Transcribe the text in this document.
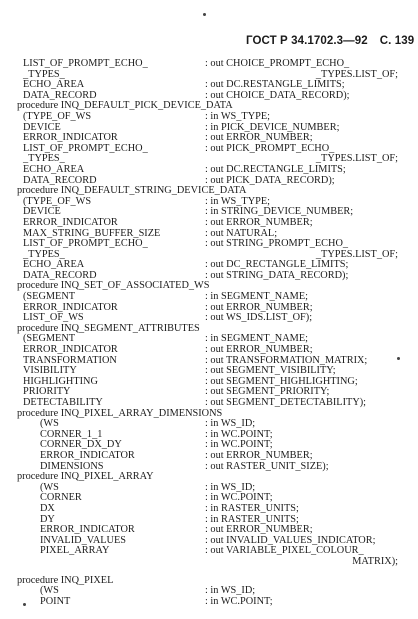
ГОСТ Р 34.1702.3—92 С. 139
LIST_OF_PROMPT_ECHO_	: out CHOICE_PROMPT_ECHO_
_TYPES_	_TYPES.LIST_OF;
ECHO_AREA	: out DC.RESTANGLE_LIMITS;
DATA_RECORD	: out CHOICE_DATA_RECORD);
procedure INQ_DEFAULT_PICK_DEVICE_DATA
(TYPE_OF_WS	: in WS_TYPE;
DEVICE	: in PICK_DEVICE_NUMBER;
ERROR_INDICATOR	: out ERROR_NUMBER;
LIST_OF_PROMPT_ECHO_	: out PICK_PROMPT_ECHO_
_TYPES_	_TYPES.LIST_OF;
ECHO_AREA	: out DC.RECTANGLE_LIMITS;
DATA_RECORD	: out PICK_DATA_RECORD);
procedure INQ_DEFAULT_STRING_DEVICE_DATA
(TYPE_OF_WS	: in WS_TYPE;
DEVICE	: in STRING_DEVICE_NUMBER;
ERROR_INDICATOR	: out ERROR_NUMBER;
MAX_STRING_BUFFER_SIZE	: out NATURAL;
LIST_OF_PROMPT_ECHO_	: out STRING_PROMPT_ECHO_
_TYPES_	_TYPES.LIST_OF;
ECHO_AREA	: out DC_RECTANGLE_LIMITS;
DATA_RECORD	: out STRING_DATA_RECORD);
procedure INQ_SET_OF_ASSOCIATED_WS
(SEGMENT	: in SEGMENT_NAME;
ERROR_INDICATOR	: out ERROR_NUMBER;
LIST_OF_WS	: out WS_IDS.LIST_OF);
procedure INQ_SEGMENT_ATTRIBUTES
(SEGMENT	: in SEGMENT_NAME;
ERROR_INDICATOR	: out ERROR_NUMBER;
TRANSFORMATION	: out TRANSFORMATION_MATRIX;
VISIBILITY	: out SEGMENT_VISIBILITY;
HIGHLIGHTING	: out SEGMENT_HIGHLIGHTING;
PRIORITY	: out SEGMENT_PRIORITY;
DETECTABILITY	: out SEGMENT_DETECTABILITY);
procedure INQ_PIXEL_ARRAY_DIMENSIONS
(WS	: in WS_ID;
CORNER_1_1	: in WC.POINT;
CORNER_DX_DY	: in WC.POINT;
ERROR_INDICATOR	: out ERROR_NUMBER;
DIMENSIONS	: out RASTER_UNIT_SIZE);
procedure INQ_PIXEL_ARRAY
(WS	: in WS_ID;
CORNER	: in WC.POINT;
DX	: in RASTER_UNITS;
DY	: in RASTER_UNITS;
ERROR_INDICATOR	: out ERROR_NUMBER;
INVALID_VALUES	: out INVALID_VALUES_INDICATOR;
PIXEL_ARRAY	: out VARIABLE_PIXEL_COLOUR_
MATRIX);
procedure INQ_PIXEL
(WS	: in WS_ID;
POINT	: in WC.POINT;
